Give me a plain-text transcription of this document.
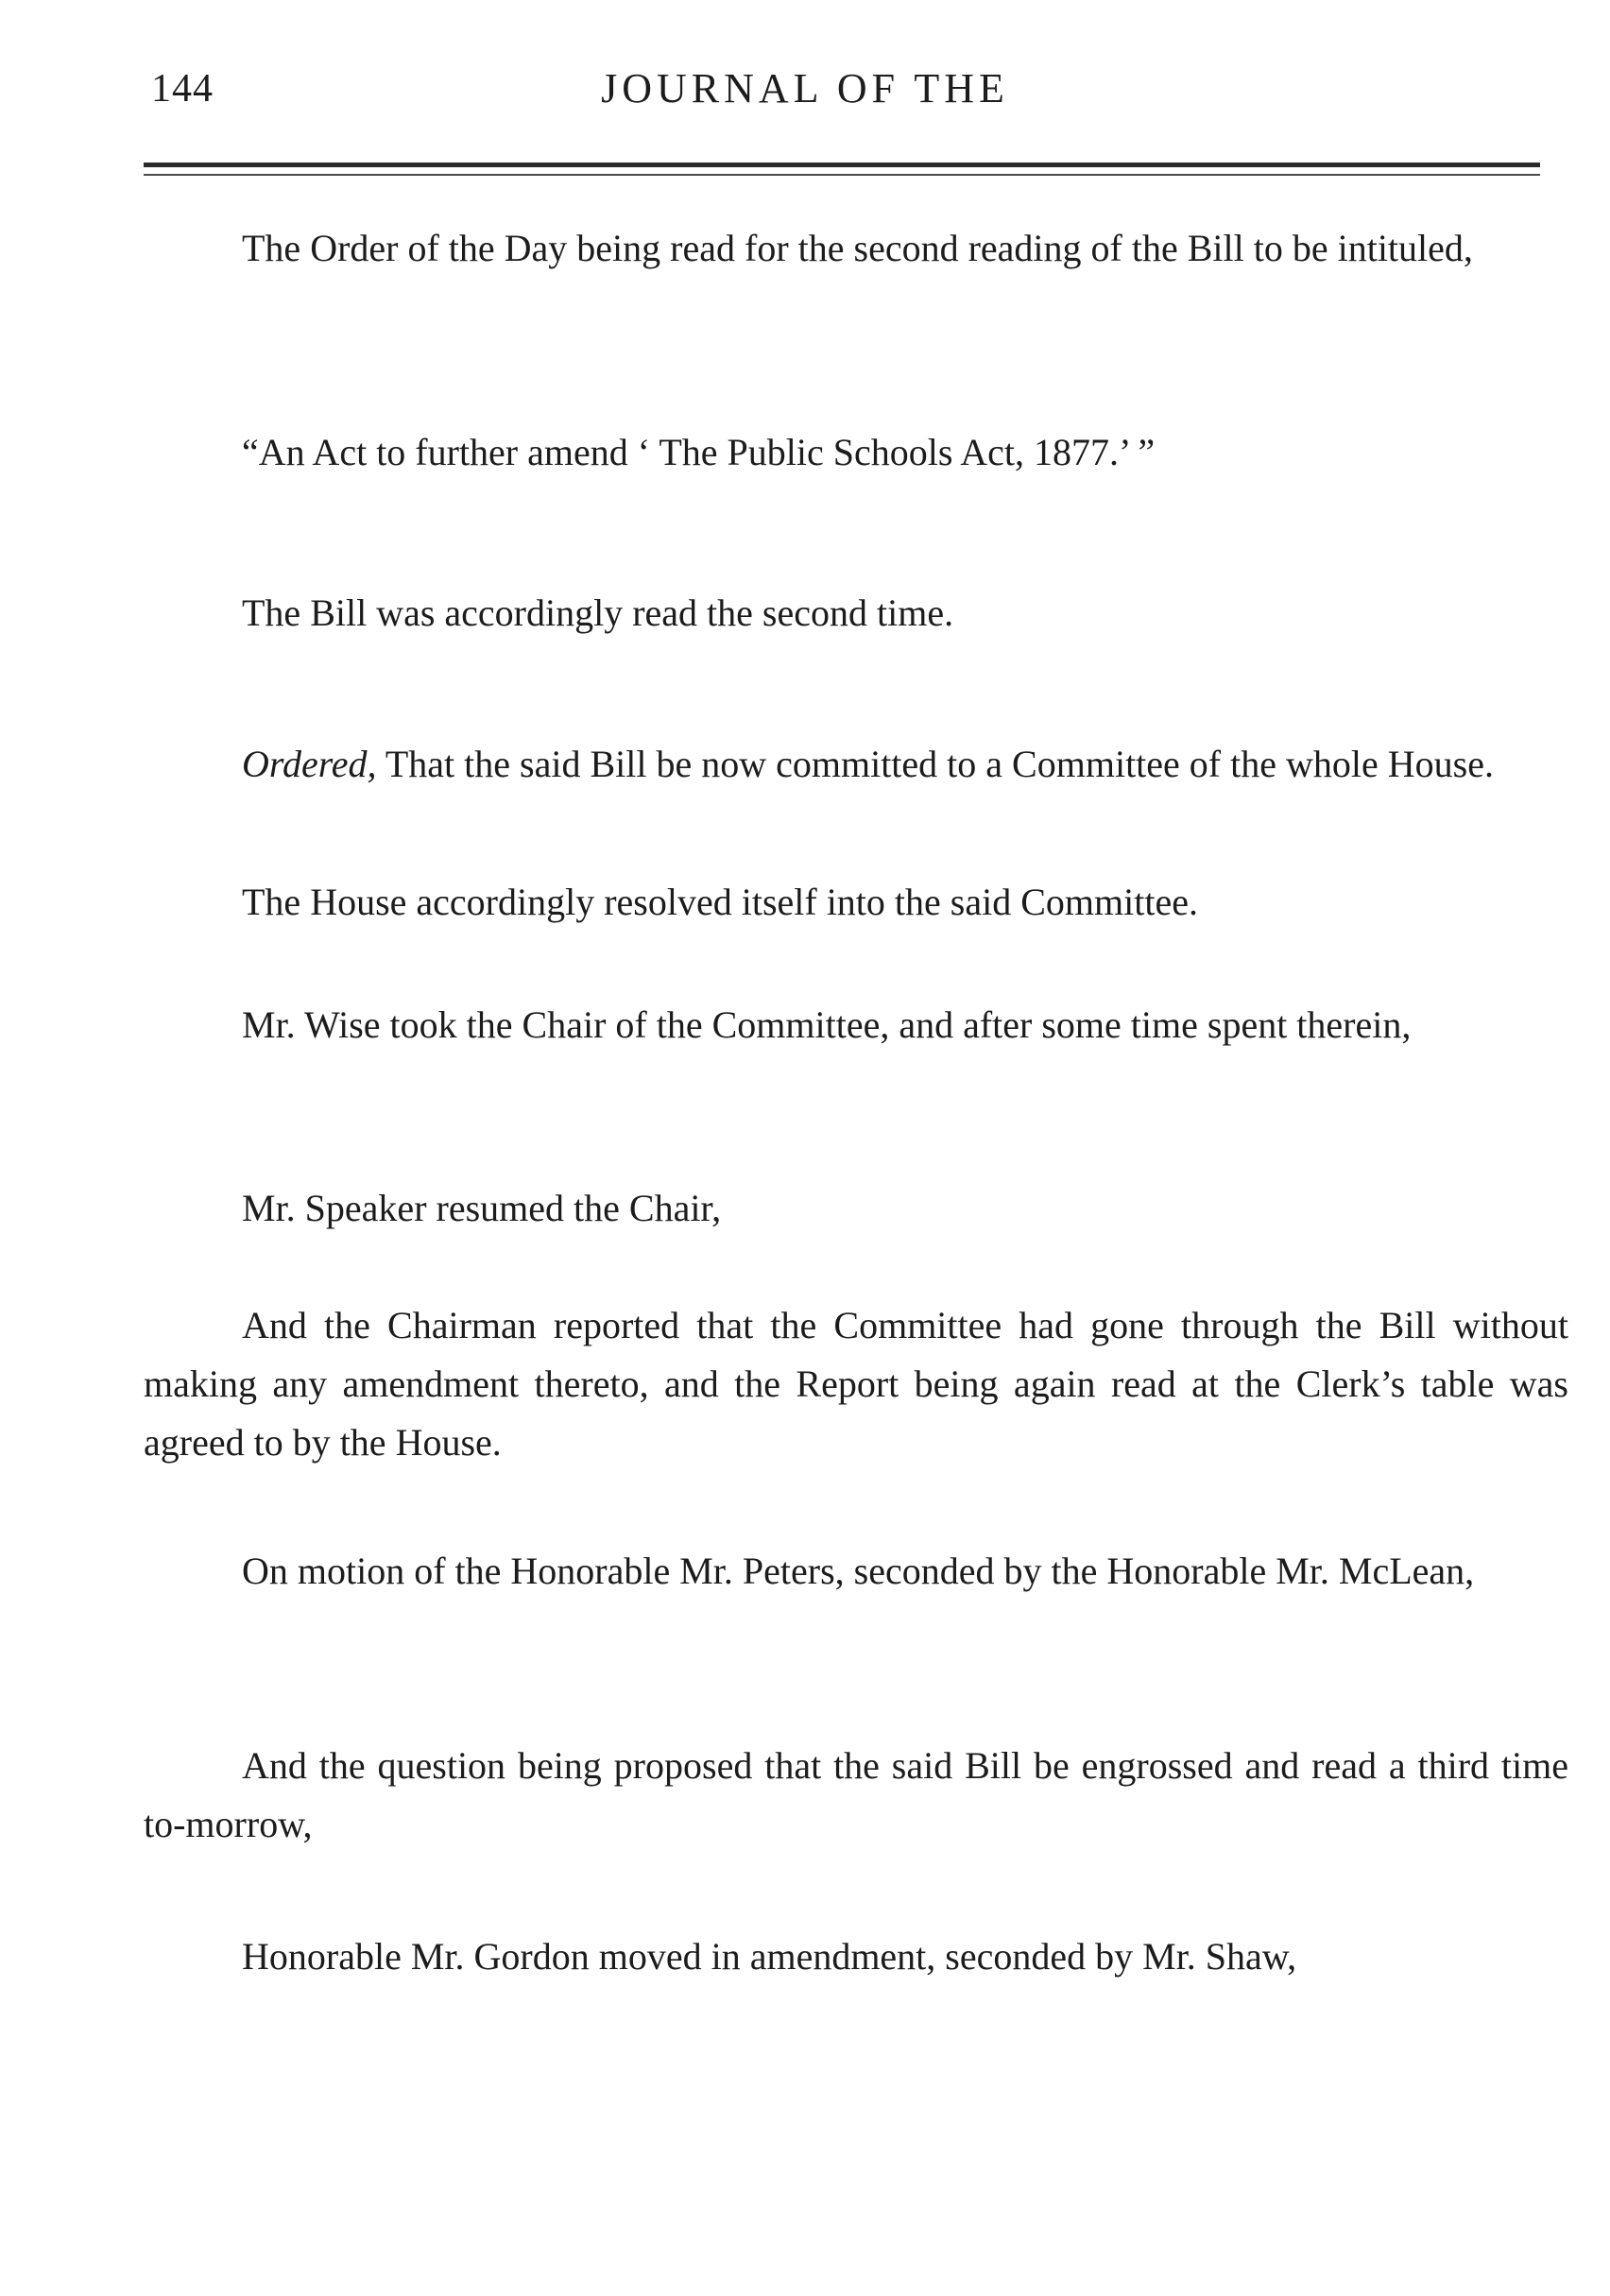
144	JOURNAL OF THE

The Order of the Day being read for the second reading of the Bill to be intituled,

“An Act to further amend ‘ The Public Schools Act, 1877.’ ”

The Bill was accordingly read the second time.

Ordered, That the said Bill be now committed to a Committee of the whole House.

The House accordingly resolved itself into the said Committee.

Mr. Wise took the Chair of the Committee, and after some time spent therein,

Mr. Speaker resumed the Chair,

And the Chairman reported that the Committee had gone through the Bill without making any amendment thereto, and the Report being again read at the Clerk’s table was agreed to by the House.

On motion of the Honorable Mr. Peters, seconded by the Honorable Mr. McLean,

And the question being proposed that the said Bill be engrossed and read a third time to-morrow,

Honorable Mr. Gordon moved in amendment, seconded by Mr. Shaw,
